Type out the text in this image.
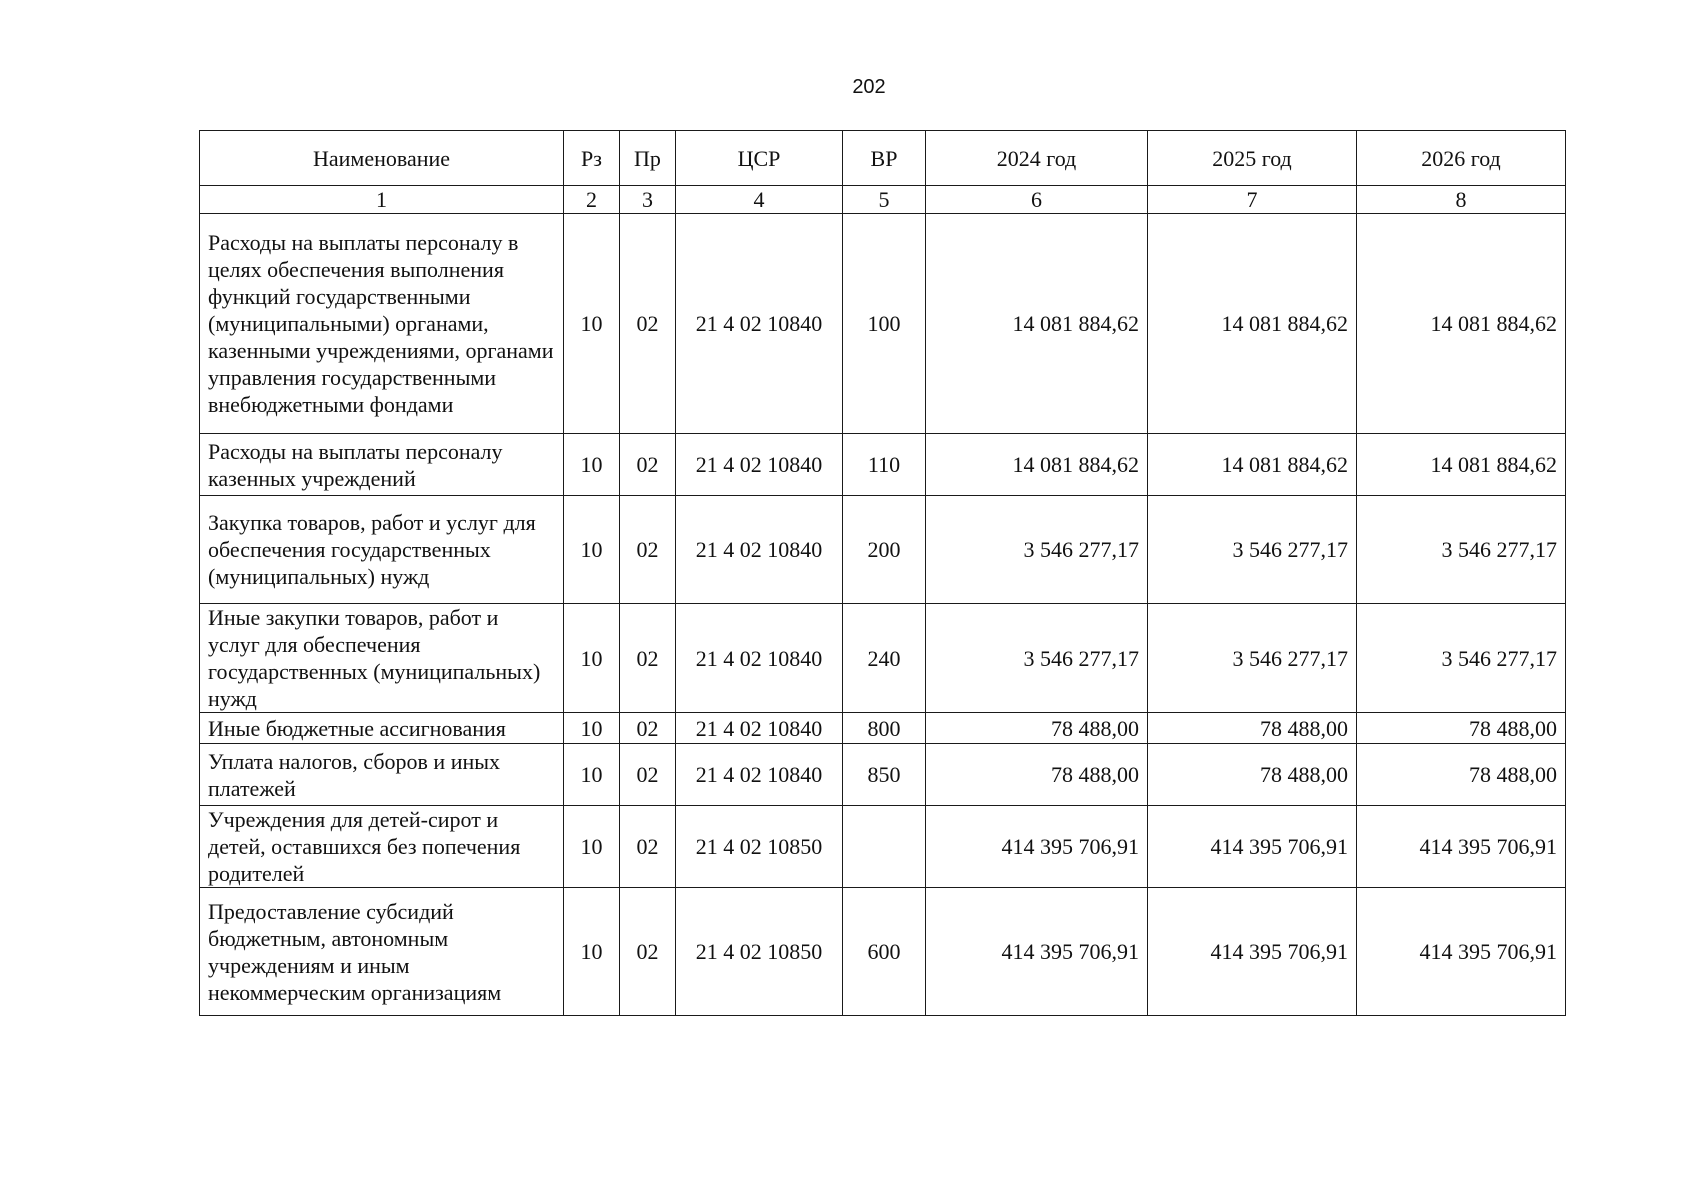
202
Наименование	Рз	Пр	ЦСР	ВР	2024 год	2025 год	2026 год
1	2	3	4	5	6	7	8
Расходы на выплаты персоналу в целях обеспечения выполнения функций государственными (муниципальными) органами, казенными учреждениями, органами управления государственными внебюджетными фондами	10	02	21 4 02 10840	100	14 081 884,62	14 081 884,62	14 081 884,62
Расходы на выплаты персоналу казенных учреждений	10	02	21 4 02 10840	110	14 081 884,62	14 081 884,62	14 081 884,62
Закупка товаров, работ и услуг для обеспечения государственных (муниципальных) нужд	10	02	21 4 02 10840	200	3 546 277,17	3 546 277,17	3 546 277,17
Иные закупки товаров, работ и услуг для обеспечения государственных (муниципальных) нужд	10	02	21 4 02 10840	240	3 546 277,17	3 546 277,17	3 546 277,17
Иные бюджетные ассигнования	10	02	21 4 02 10840	800	78 488,00	78 488,00	78 488,00
Уплата налогов, сборов и иных платежей	10	02	21 4 02 10840	850	78 488,00	78 488,00	78 488,00
Учреждения для детей-сирот и детей, оставшихся без попечения родителей	10	02	21 4 02 10850		414 395 706,91	414 395 706,91	414 395 706,91
Предоставление субсидий бюджетным, автономным учреждениям и иным некоммерческим организациям	10	02	21 4 02 10850	600	414 395 706,91	414 395 706,91	414 395 706,91
